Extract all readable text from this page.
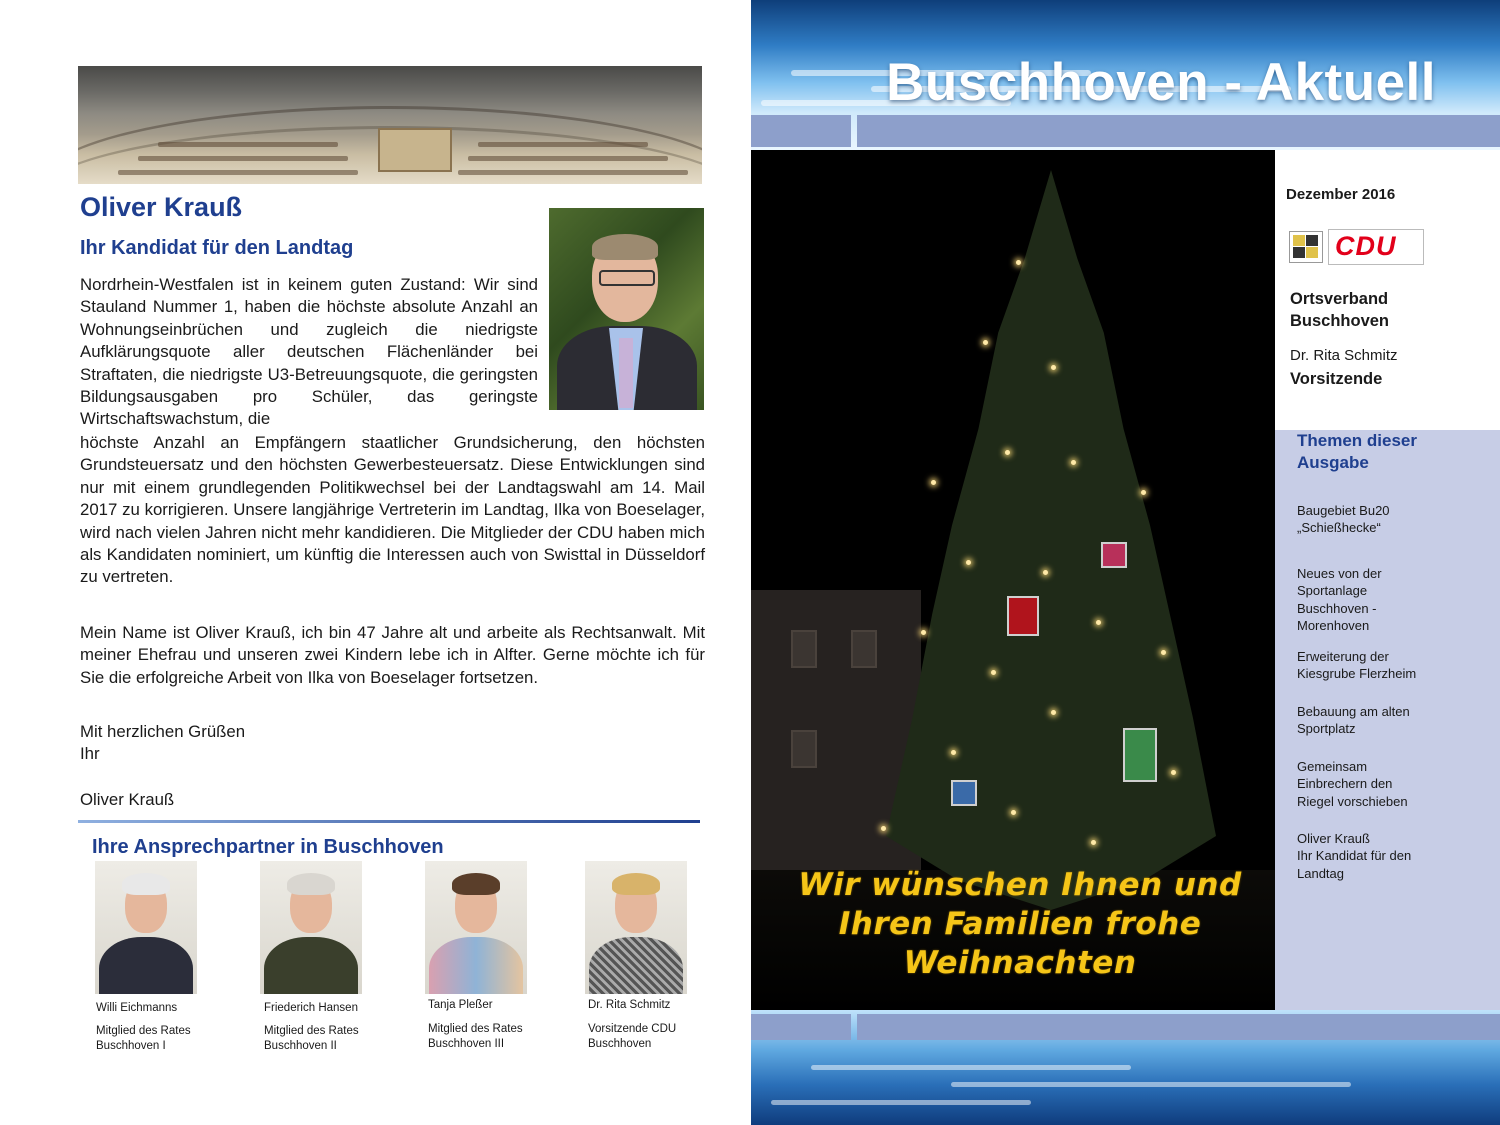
Oliver Krauß
Ihr Kandidat für den Landtag

Nordrhein-Westfalen ist in keinem guten Zustand: Wir sind Stauland Nummer 1, haben die höchste absolute Anzahl an Wohnungseinbrüchen und zugleich die niedrigste Aufklärungsquote aller deutschen Flächenländer bei Straftaten, die niedrigste U3-Betreuungsquote, die geringsten Bildungsausgaben pro Schüler, das geringste Wirtschaftswachstum, die

höchste Anzahl an Empfängern staatlicher Grundsicherung, den höchsten Grundsteuersatz und den höchsten Gewerbesteuersatz. Diese Entwicklungen sind nur mit einem grundlegenden Politikwechsel bei der Landtagswahl am 14. Mail 2017 zu korrigieren. Unsere langjährige Vertreterin im Landtag, Ilka von Boeselager, wird nach vielen Jahren nicht mehr kandidieren. Die Mitglieder der CDU haben mich als Kandidaten nominiert, um künftig die Interessen auch von Swisttal in Düsseldorf zu vertreten.

Mein Name ist Oliver Krauß, ich bin 47 Jahre alt und arbeite als Rechtsanwalt. Mit meiner Ehefrau und unseren zwei Kindern lebe ich in Alfter. Gerne möchte ich für Sie die erfolgreiche Arbeit von Ilka von Boeselager fortsetzen.

Mit herzlichen Grüßen

Ihr

Oliver Krauß

Ihre Ansprechpartner in Buschhoven

Willi Eichmanns

Mitglied des Rates

Buschhoven I

Friederich Hansen

Mitglied des Rates

Buschhoven II

Tanja Pleßer

Mitglied des Rates

Buschhoven III

Dr. Rita Schmitz

Vorsitzende CDU

Buschhoven

Buschhoven - Aktuell

Wir wünschen Ihnen und
Ihren Familien frohe
Weihnachten

Dezember 2016

CDU

Ortsverband

Buschhoven

Dr. Rita Schmitz

Vorsitzende

Themen dieser
Ausgabe

Baugebiet Bu20
„Schießhecke“

Neues von der
Sportanlage
Buschhoven -
Morenhoven

Erweiterung der
Kiesgrube Flerzheim

Bebauung am alten
Sportplatz

Gemeinsam
Einbrechern den
Riegel vorschieben

Oliver Krauß
Ihr Kandidat für den
Landtag
